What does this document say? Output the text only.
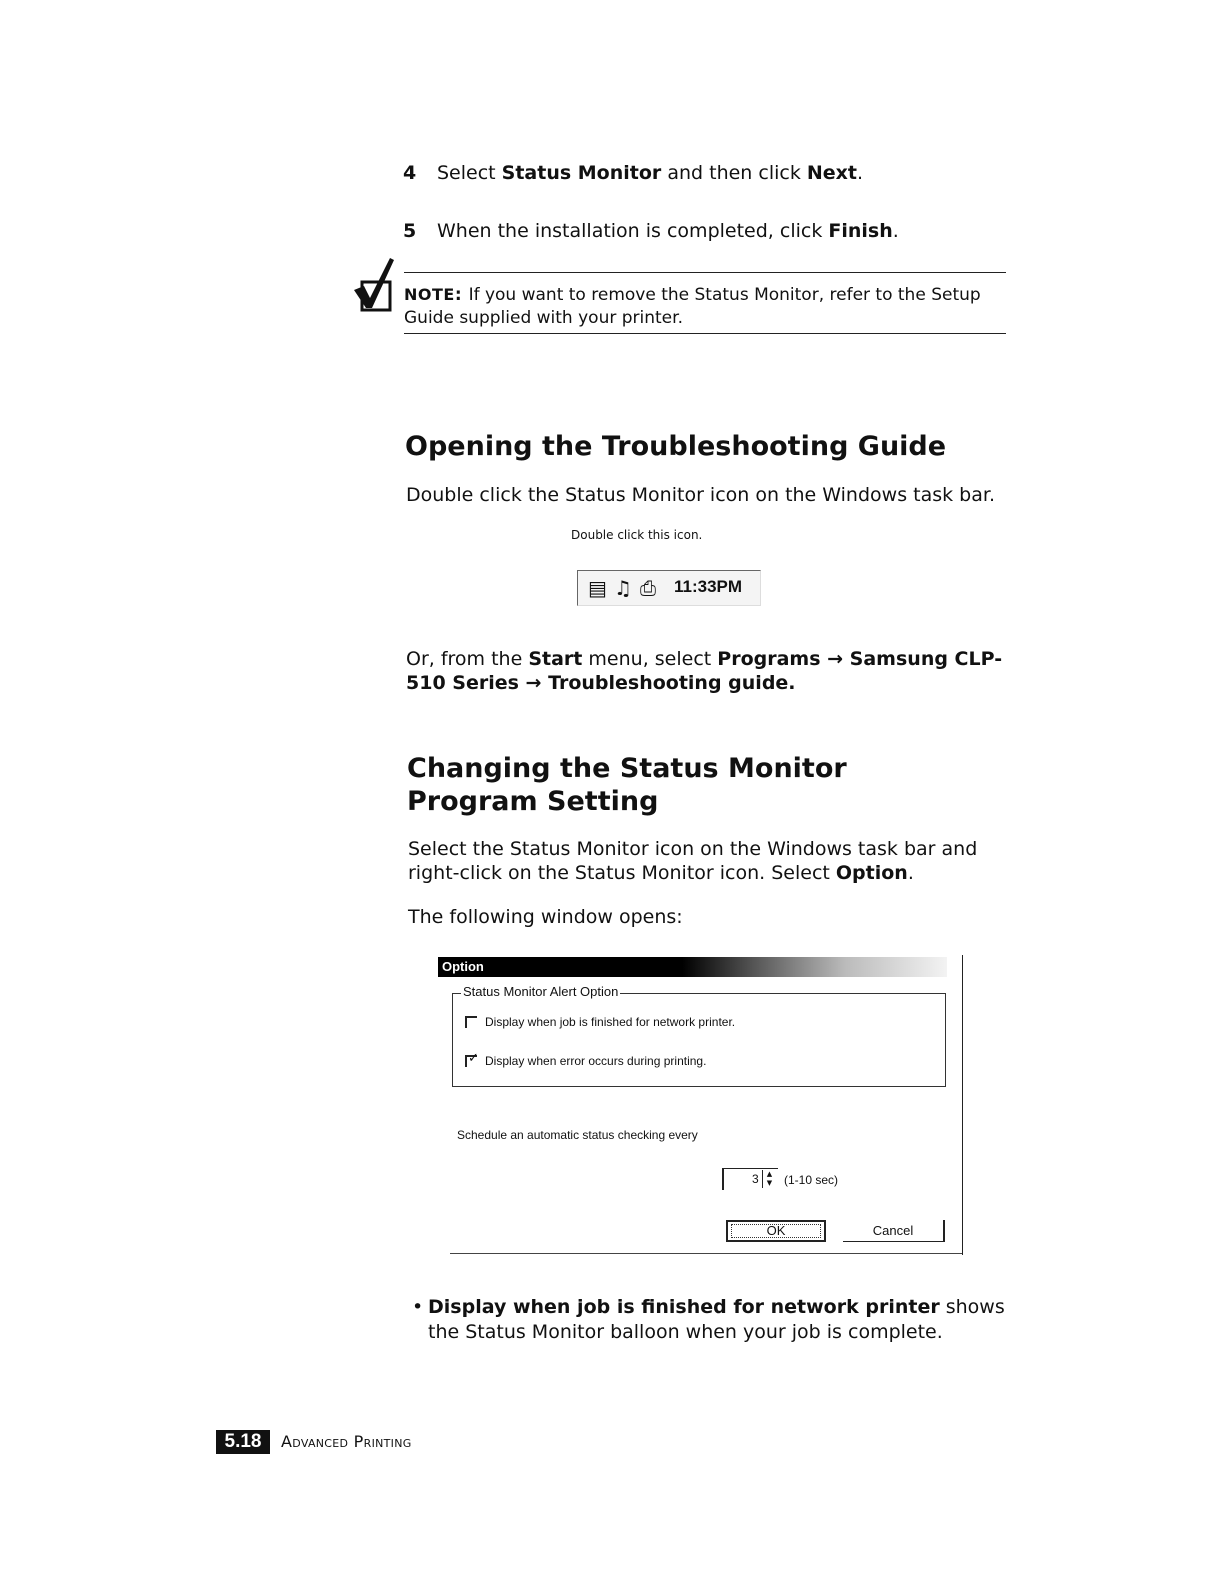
4 Select Status Monitor and then click Next.
5 When the installation is completed, click Finish.
NOTE: If you want to remove the Status Monitor, refer to the Setup Guide supplied with your printer.
Opening the Troubleshooting Guide
Double click the Status Monitor icon on the Windows task bar.
Double click this icon.
▤ ♫ ⎙ 11:33PM
Or, from the Start menu, select Programs → Samsung CLP-510 Series → Troubleshooting guide.
Changing the Status Monitor Program Setting
Select the Status Monitor icon on the Windows task bar and right-click on the Status Monitor icon. Select Option.
The following window opens:
Option
Status Monitor Alert Option
Display when job is finished for network printer.
✓ Display when error occurs during printing.
Schedule an automatic status checking every
3	▲
▼ (1-10 sec)
OK	Cancel
• Display when job is finished for network printer shows the Status Monitor balloon when your job is complete.
5.18	Advanced Printing
